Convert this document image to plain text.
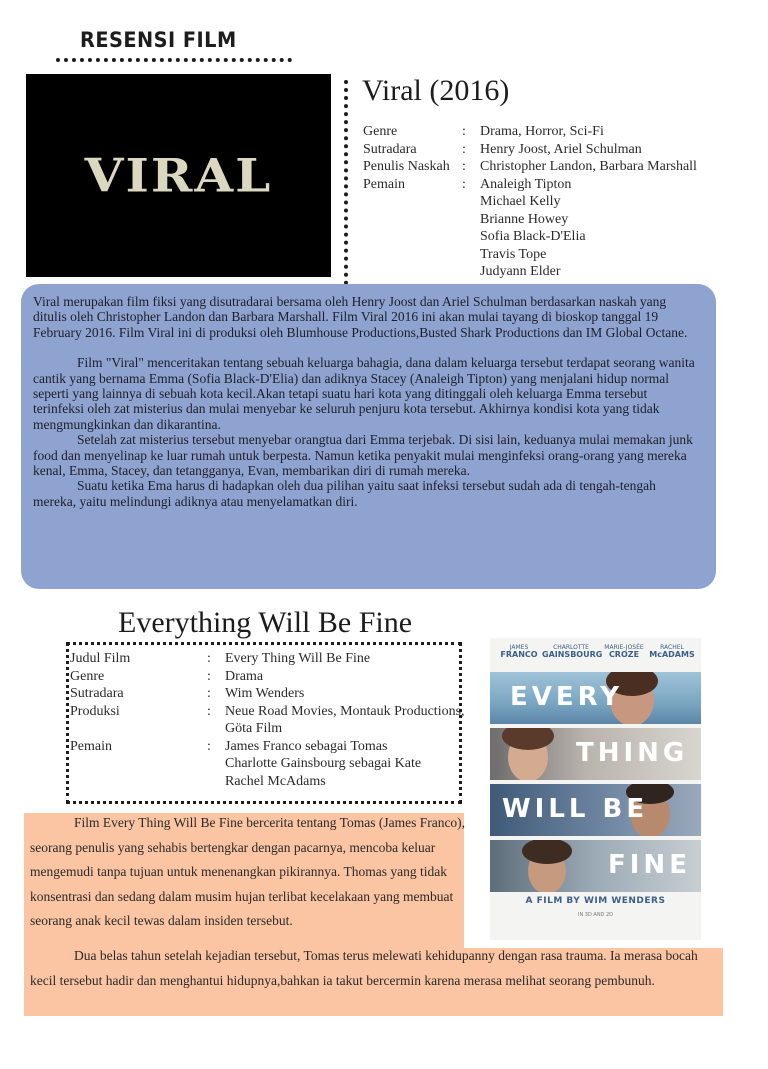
RESENSI FILM
VIRAL
Viral (2016)
Genre	: Drama, Horror, Sci-Fi
Sutradara	: Henry Joost, Ariel Schulman
Penulis Naskah : Christopher Landon, Barbara Marshall
Pemain	: Analeigh Tipton
Michael Kelly
Brianne Howey
Sofia Black-D'Elia
Travis Tope
Judyann Elder

Viral merupakan film fiksi yang disutradarai bersama oleh Henry Joost dan Ariel Schulman berdasarkan naskah yang ditulis oleh Christopher Landon dan Barbara Marshall. Film Viral 2016 ini akan mulai tayang di bioskop tanggal 19 February 2016. Film Viral ini di produksi oleh Blumhouse Productions,Busted Shark Productions dan IM Global Octane.

Film "Viral" menceritakan tentang sebuah keluarga bahagia, dana dalam keluarga tersebut terdapat seorang wanita cantik yang bernama Emma (Sofia Black-D'Elia) dan adiknya Stacey (Analeigh Tipton) yang menjalani hidup normal seperti yang lainnya di sebuah kota kecil.Akan tetapi suatu hari kota yang ditinggali oleh keluarga Emma tersebut terinfeksi oleh zat misterius dan mulai menyebar ke seluruh penjuru kota tersebut. Akhirnya kondisi kota yang tidak mengmungkinkan dan dikarantina.

Setelah zat misterius tersebut menyebar orangtua dari Emma terjebak. Di sisi lain, keduanya mulai memakan junk food dan menyelinap ke luar rumah untuk berpesta. Namun ketika penyakit mulai menginfeksi orang-orang yang mereka kenal, Emma, Stacey, dan tetangganya, Evan, membarikan diri di rumah mereka.

Suatu ketika Ema harus di hadapkan oleh dua pilihan yaitu saat infeksi tersebut sudah ada di tengah-tengah mereka, yaitu melindungi adiknya atau menyelamatkan diri.

Everything Will Be Fine
Judul Film	: Every Thing Will Be Fine
Genre	: Drama
Sutradara	: Wim Wenders
Produksi	: Neue Road Movies, Montauk Productions,
Göta Film
Pemain	: James Franco sebagai Tomas
Charlotte Gainsbourg sebagai Kate
Rachel McAdams
JAMES
FRANCO
CHARLOTTE
GAINSBOURG
MARIE-JOSÉE
CROZE
RACHEL
McADAMS
EVERY
THING
WILL BE
FINE
A FILM BY WIM WENDERS
IN 3D AND 2D

Film Every Thing Will Be Fine bercerita tentang Tomas (James Franco), seorang penulis yang sehabis bertengkar dengan pacarnya, mencoba keluar mengemudi tanpa tujuan untuk menenangkan pikirannya. Thomas yang tidak konsentrasi dan sedang dalam musim hujan terlibat kecelakaan yang membuat seorang anak kecil tewas dalam insiden tersebut.

Dua belas tahun setelah kejadian tersebut, Tomas terus melewati kehidupanny dengan rasa trauma. Ia merasa bocah kecil tersebut hadir dan menghantui hidupnya,bahkan ia takut bercermin karena merasa melihat seorang pembunuh.
